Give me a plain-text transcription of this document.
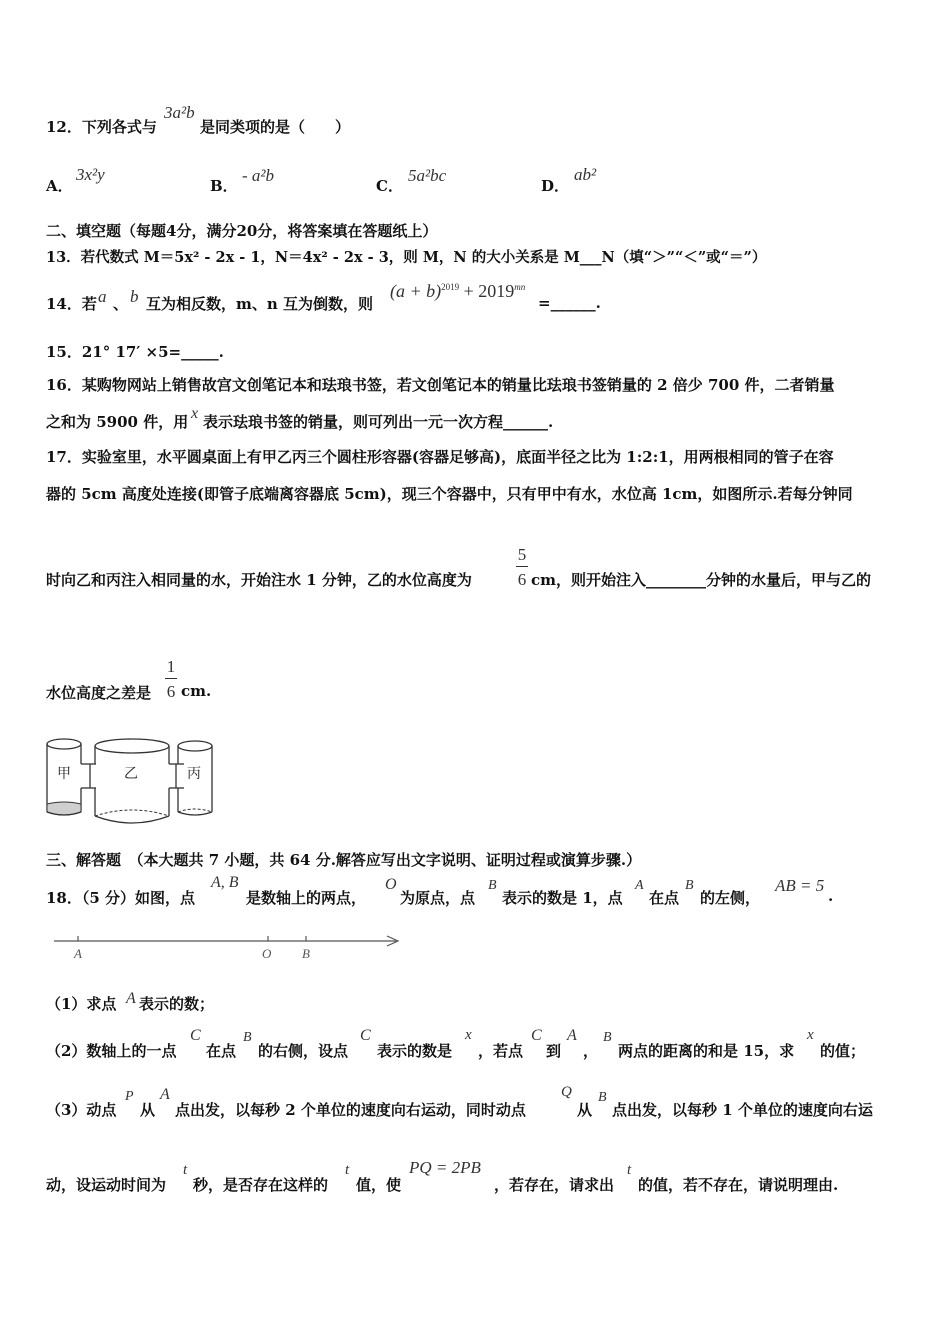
12．下列各式与
3a²b
是同类项的是（　　）
A．
3x²y
B．
- a²b
C．
5a²bc
D．
ab²
二、填空题（每题4分，满分20分，将答案填在答题纸上）
13．若代数式 M＝5x² - 2x - 1，N＝4x² - 2x - 3，则 M，N 的大小关系是 M___N（填“＞”“＜”或“＝”）
14．若 a 、 b 互为相反数，m、n 互为倒数，则
$(a + b)^{2019} + 2019^{mn}$
=______.
15．21° 17′ ×5=_____.
16．某购物网站上销售故宫文创笔记本和珐琅书签，若文创笔记本的销量比珐琅书签销量的 2 倍少 700 件，二者销量
之和为 5900 件，用 x 表示珐琅书签的销量，则可列出一元一次方程______.
17．实验室里，水平圆桌面上有甲乙丙三个圆柱形容器(容器足够高)，底面半径之比为 1:2:1，用两根相同的管子在容
器的 5cm 高度处连接(即管子底端离容器底 5cm)，现三个容器中，只有甲中有水，水位高 1cm，如图所示.若每分钟同
时向乙和丙注入相同量的水，开始注水 1 分钟，乙的水位高度为
5
6 cm，则开始注入________分钟的水量后，甲与乙的
水位高度之差是
1
6 cm.
甲	乙	丙
三、解答题　（本大题共 7 小题，共 64 分.解答应写出文字说明、证明过程或演算步骤.）
18．（5 分）如图，点
A, B
是数轴上的两点，
O
为原点，点
B
表示的数是 1，点
A
在点
B
的左侧，
AB = 5
.
A	O B
（1）求点 A 表示的数；
（2）数轴上的一点
C
在点
B
的右侧，设点
C
表示的数是
x
，若点
C
到
A
，
B
两点的距离的和是 15，求
x
的值；
（3）动点
P
从
A
点出发，以每秒 2 个单位的速度向右运动，同时动点
Q
从
B
点出发，以每秒 1 个单位的速度向右运
动，设运动时间为
t
秒，是否存在这样的
t
值，使
PQ = 2PB
，若存在，请求出
t
的值，若不存在，请说明理由.
